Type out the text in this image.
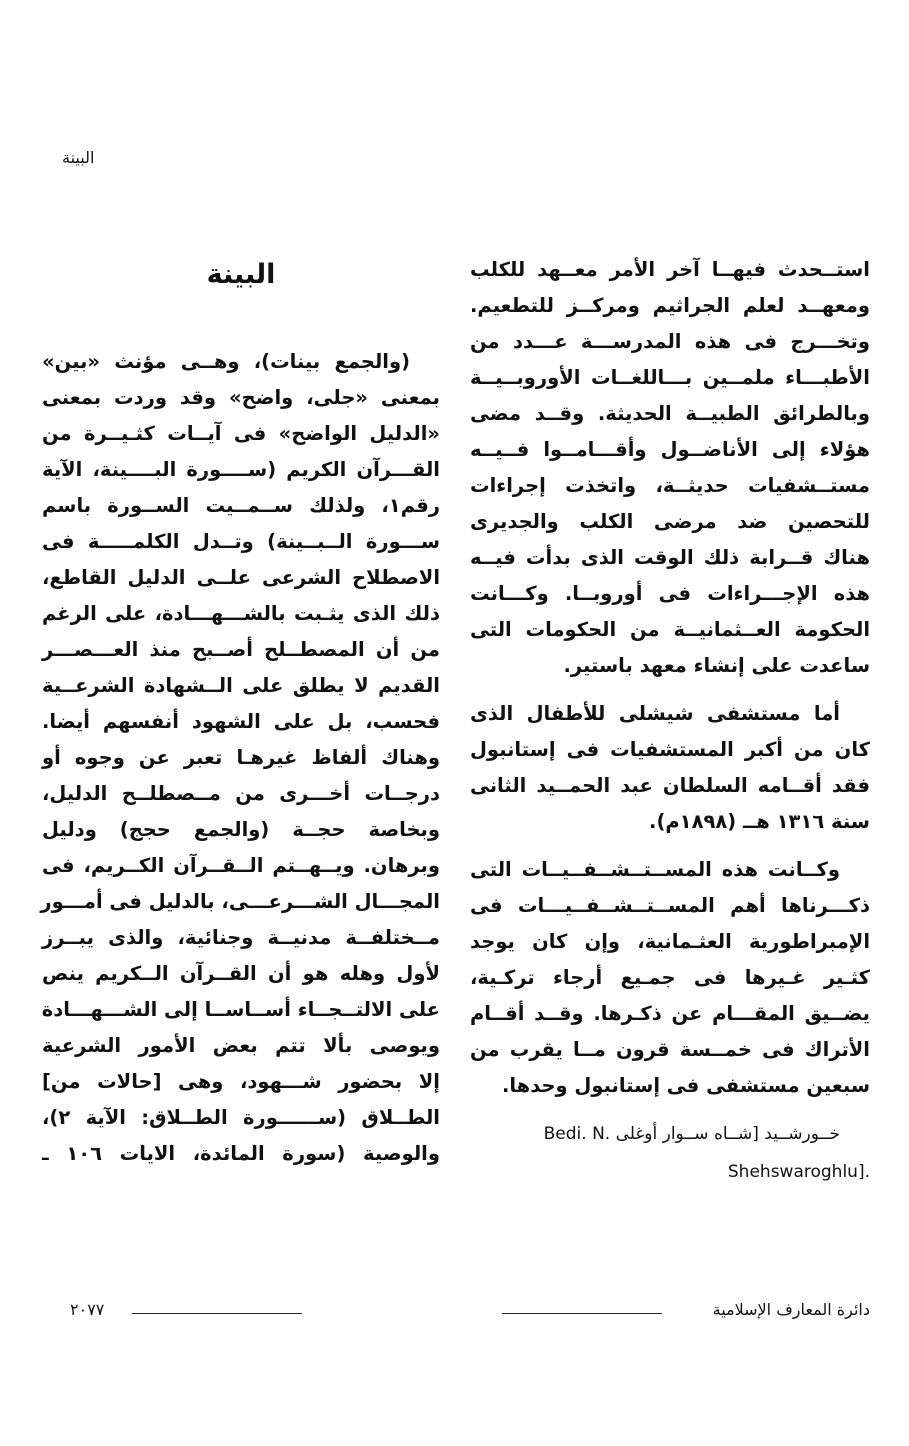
البينة
استــحدث فيهــا آخر الأمر معــهد للكلب
ومعهــد لعلم الجراثيم ومركــز للتطعيم.
وتخـــرج فى هذه المدرســـة عـــدد من
الأطبـــاء ملمــين بـــاللغــات الأوروبــيــة
وبالطرائق الطبيــة الحديثة. وقــد مضى
هؤلاء إلى الأناضــول وأقـــامــوا فــيــه
مستــشفيات حديثــة، واتخذت إجراءات
للتحصين ضد مرضى الكلب والجديرى
هناك قــرابة ذلك الوقت الذى بدأت فيــه
هذه الإجـــراءات فى أوروبــا. وكـــانت
الحكومة العــثمانيــة من الحكومات التى
ساعدت على إنشاء معهد باستير.
أما مستشفى شيشلى للأطفال الذى
كان من أكبر المستشفيات فى إستانبول
فقد أقــامه السلطان عبد الحمــيد الثانى
سنة ١٣١٦ هــ (١٨٩٨م).
وكــانت هذه المســتــشــفــيــات التى
ذكـــرناها أهم المســتــشــفــيـــات فى
الإمبراطورية العثـمانية، وإن كان يوجد
كثـير غـيرها فى جمـيع أرجاء تركـية،
يضــيق المقـــام عن ذكـرها. وقــد أقــام
الأتراك فى خمــسة قرون مــا يقرب من
سبعين مستشفى فى إستانبول وحدها.
خــورشــيد [شــاه ســوار أوغلى .Bedi. N
.[Shehswaroghlu
البينة
(والجمع بينات)، وهــى مؤنث «بين»
بمعنى «جلى، واضح» وقد وردت بمعنى
«الدليل الواضح» فى آيــات كثـيــرة من
القـــرآن الكريم (ســــورة البــــينة، الآية
رقم١، ولذلك ســمــيت الســورة باسم
ســـورة الــبــينة) وتــدل الكلمـــــة فى
الاصطلاح الشرعى علــى الدليل القاطع،
ذلك الذى يثـبت بالشـــهـــادة، على الرغم
من أن المصطــلح أصــبح منذ العـــصـــر
القديم لا يطلق على الــشهادة الشرعــية
فحسب، بل على الشهود أنفسهم أيضا.
وهناك ألفاظ غيرهـا تعبر عن وجوه أو
درجــات أخـــرى من مــصطلــح الدليل،
وبخاصة حجــة (والجمع حجج) ودليل
وبرهان. ويــهــتم الــقــرآن الكــريم، فى
المجـــال الشـــرعـــى، بالدليل فى أمـــور
مــختلفــة مدنيــة وجنائية، والذى يبــرز
لأول وهله هو أن القــرآن الــكريم ينص
على الالتــجــاء أســاســا إلى الشـــهـــادة
ويوصى بألا تتم بعض الأمور الشرعية
إلا بحضور شـــهود، وهى [حالات من]
الطــلاق (ســــــورة الطــلاق: الآية ٢)،
والوصية (سورة المائدة، الايات ١٠٦ ـ
دائرة المعارف الإسلامية
٢٠٧٧
